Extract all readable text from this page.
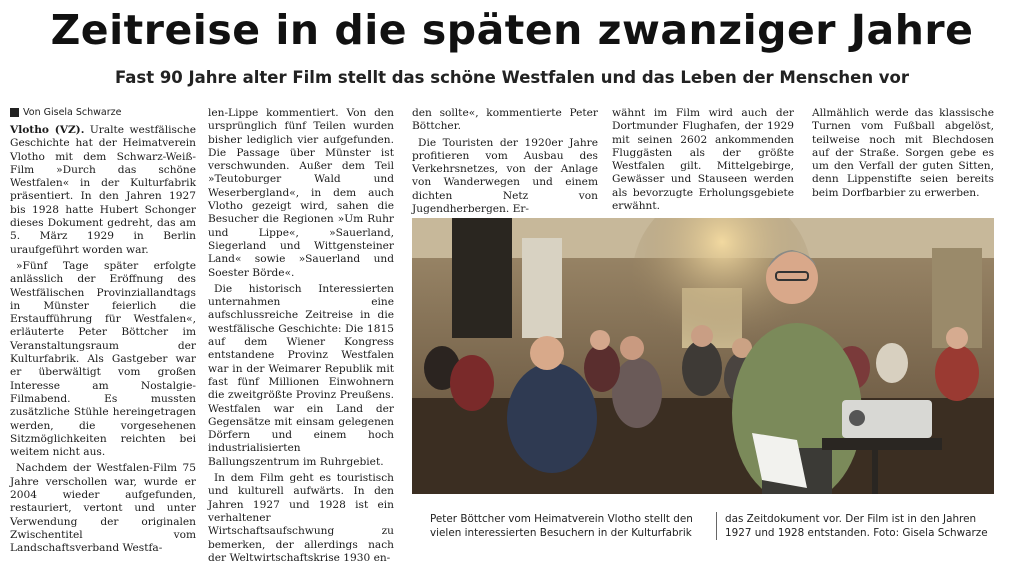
Zeitreise in die späten zwanziger Jahre
Fast 90 Jahre alter Film stellt das schöne Westfalen und das Leben der Menschen vor
Von Gisela Schwarze

Vlotho (VZ). Uralte westfälische Geschichte hat der Heimatverein Vlotho mit dem Schwarz-Weiß-Film »Durch das schöne Westfalen« in der Kulturfabrik präsentiert. In den Jahren 1927 bis 1928 hatte Hubert Schonger dieses Dokument gedreht, das am 5. März 1929 in Berlin uraufgeführt worden war.

»Fünf Tage später erfolgte anlässlich der Eröffnung des Westfälischen Provinziallandtags in Münster feierlich die Erstaufführung für Westfalen«, erläuterte Peter Böttcher im Veranstaltungsraum der Kulturfabrik. Als Gastgeber war er überwältigt vom großen Interesse am Nostalgie-Filmabend. Es mussten zusätzliche Stühle hereingetragen werden, die vorgesehenen Sitzmöglichkeiten reichten bei weitem nicht aus.

Nachdem der Westfalen-Film 75 Jahre verschollen war, wurde er 2004 wieder aufgefunden, restauriert, vertont und unter Verwendung der originalen Zwischentitel vom Landschaftsverband Westfa-

len-Lippe kommentiert. Von den ursprünglich fünf Teilen wurden bisher lediglich vier aufgefunden. Die Passage über Münster ist verschwunden. Außer dem Teil »Teutoburger Wald und Weserbergland«, in dem auch Vlotho gezeigt wird, sahen die Besucher die Regionen »Um Ruhr und Lippe«, »Sauerland, Siegerland und Wittgensteiner Land« sowie »Sauerland und Soester Börde«.

Die historisch Interessierten unternahmen eine aufschlussreiche Zeitreise in die westfälische Geschichte: Die 1815 auf dem Wiener Kongress entstandene Provinz Westfalen war in der Weimarer Republik mit fast fünf Millionen Einwohnern die zweitgrößte Provinz Preußens. Westfalen war ein Land der Gegensätze mit einsam gelegenen Dörfern und einem hoch industrialisierten Ballungszentrum im Ruhrgebiet.

In dem Film geht es touristisch und kulturell aufwärts. In den Jahren 1927 und 1928 ist ein verhaltener Wirtschaftsaufschwung zu bemerken, der allerdings nach der Weltwirtschaftskrise 1930 en-

den sollte«, kommentierte Peter Böttcher.

Die Touristen der 1920er Jahre profitieren vom Ausbau des Verkehrsnetzes, von der Anlage von Wanderwegen und einem dichten Netz von Jugendherbergen. Er-

wähnt im Film wird auch der Dortmunder Flughafen, der 1929 mit seinen 2602 ankommenden Fluggästen als der größte Westfalen gilt. Mittelgebirge, Gewässer und Stauseen werden als bevorzugte Erholungsgebiete erwähnt.

Allmählich werde das klassische Turnen vom Fußball abgelöst, teilweise noch mit Blechdosen auf der Straße. Sorgen gebe es um den Verfall der guten Sitten, denn Lippenstifte seien bereits beim Dorfbarbier zu erwerben.

Peter Böttcher vom Heimatverein Vlotho stellt den vielen interessierten Besuchern in der Kulturfabrik

das Zeitdokument vor. Der Film ist in den Jahren 1927 und 1928 entstanden. Foto: Gisela Schwarze
